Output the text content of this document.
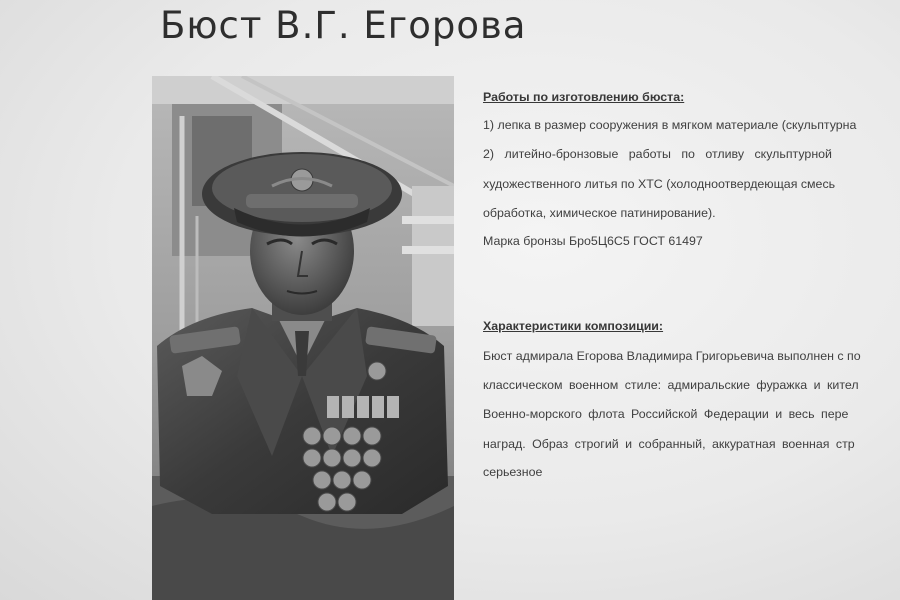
Бюст В.Г. Егорова
Работы по изготовлению бюста:
1) лепка в размер сооружения в мягком материале (скульптурна
2) литейно-бронзовые работы по отливу скульптурной
художественного литья по ХТС (холодноотвердеющая смесь
обработка, химическое патинирование).
Марка бронзы Бро5Ц6С5 ГОСТ 61497
Характеристики композиции:
Бюст адмирала Егорова Владимира Григорьевича выполнен с по
классическом военном стиле: адмиральские фуражка и кител
Военно-морского флота Российской Федерации и весь пере
наград. Образ строгий и собранный, аккуратная военная стр
серьезное
